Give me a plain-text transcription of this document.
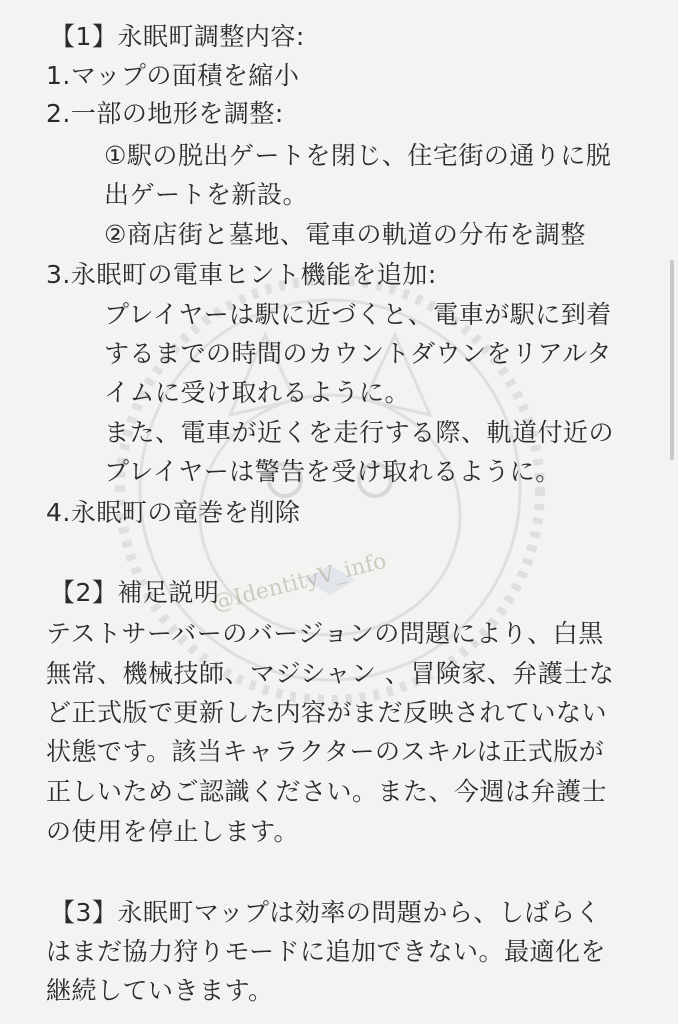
@IdentityV_info
【1】永眠町調整内容:
1.マップの面積を縮小
2.一部の地形を調整:
①駅の脱出ゲートを閉じ、住宅街の通りに脱
出ゲートを新設。
②商店街と墓地、電車の軌道の分布を調整
3.永眠町の電車ヒント機能を追加:
プレイヤーは駅に近づくと、電車が駅に到着
するまでの時間のカウントダウンをリアルタ
イムに受け取れるように。
また、電車が近くを走行する際、軌道付近の
プレイヤーは警告を受け取れるように。
4.永眠町の竜巻を削除
【2】補足説明
テストサーバーのバージョンの問題により、白黒
無常、機械技師、マジシャン 、冒険家、弁護士な
ど正式版で更新した内容がまだ反映されていない
状態です。該当キャラクターのスキルは正式版が
正しいためご認識ください。また、今週は弁護士
の使用を停止します。
【3】永眠町マップは効率の問題から、しばらく
はまだ協力狩りモードに追加できない。最適化を
継続していきます。
